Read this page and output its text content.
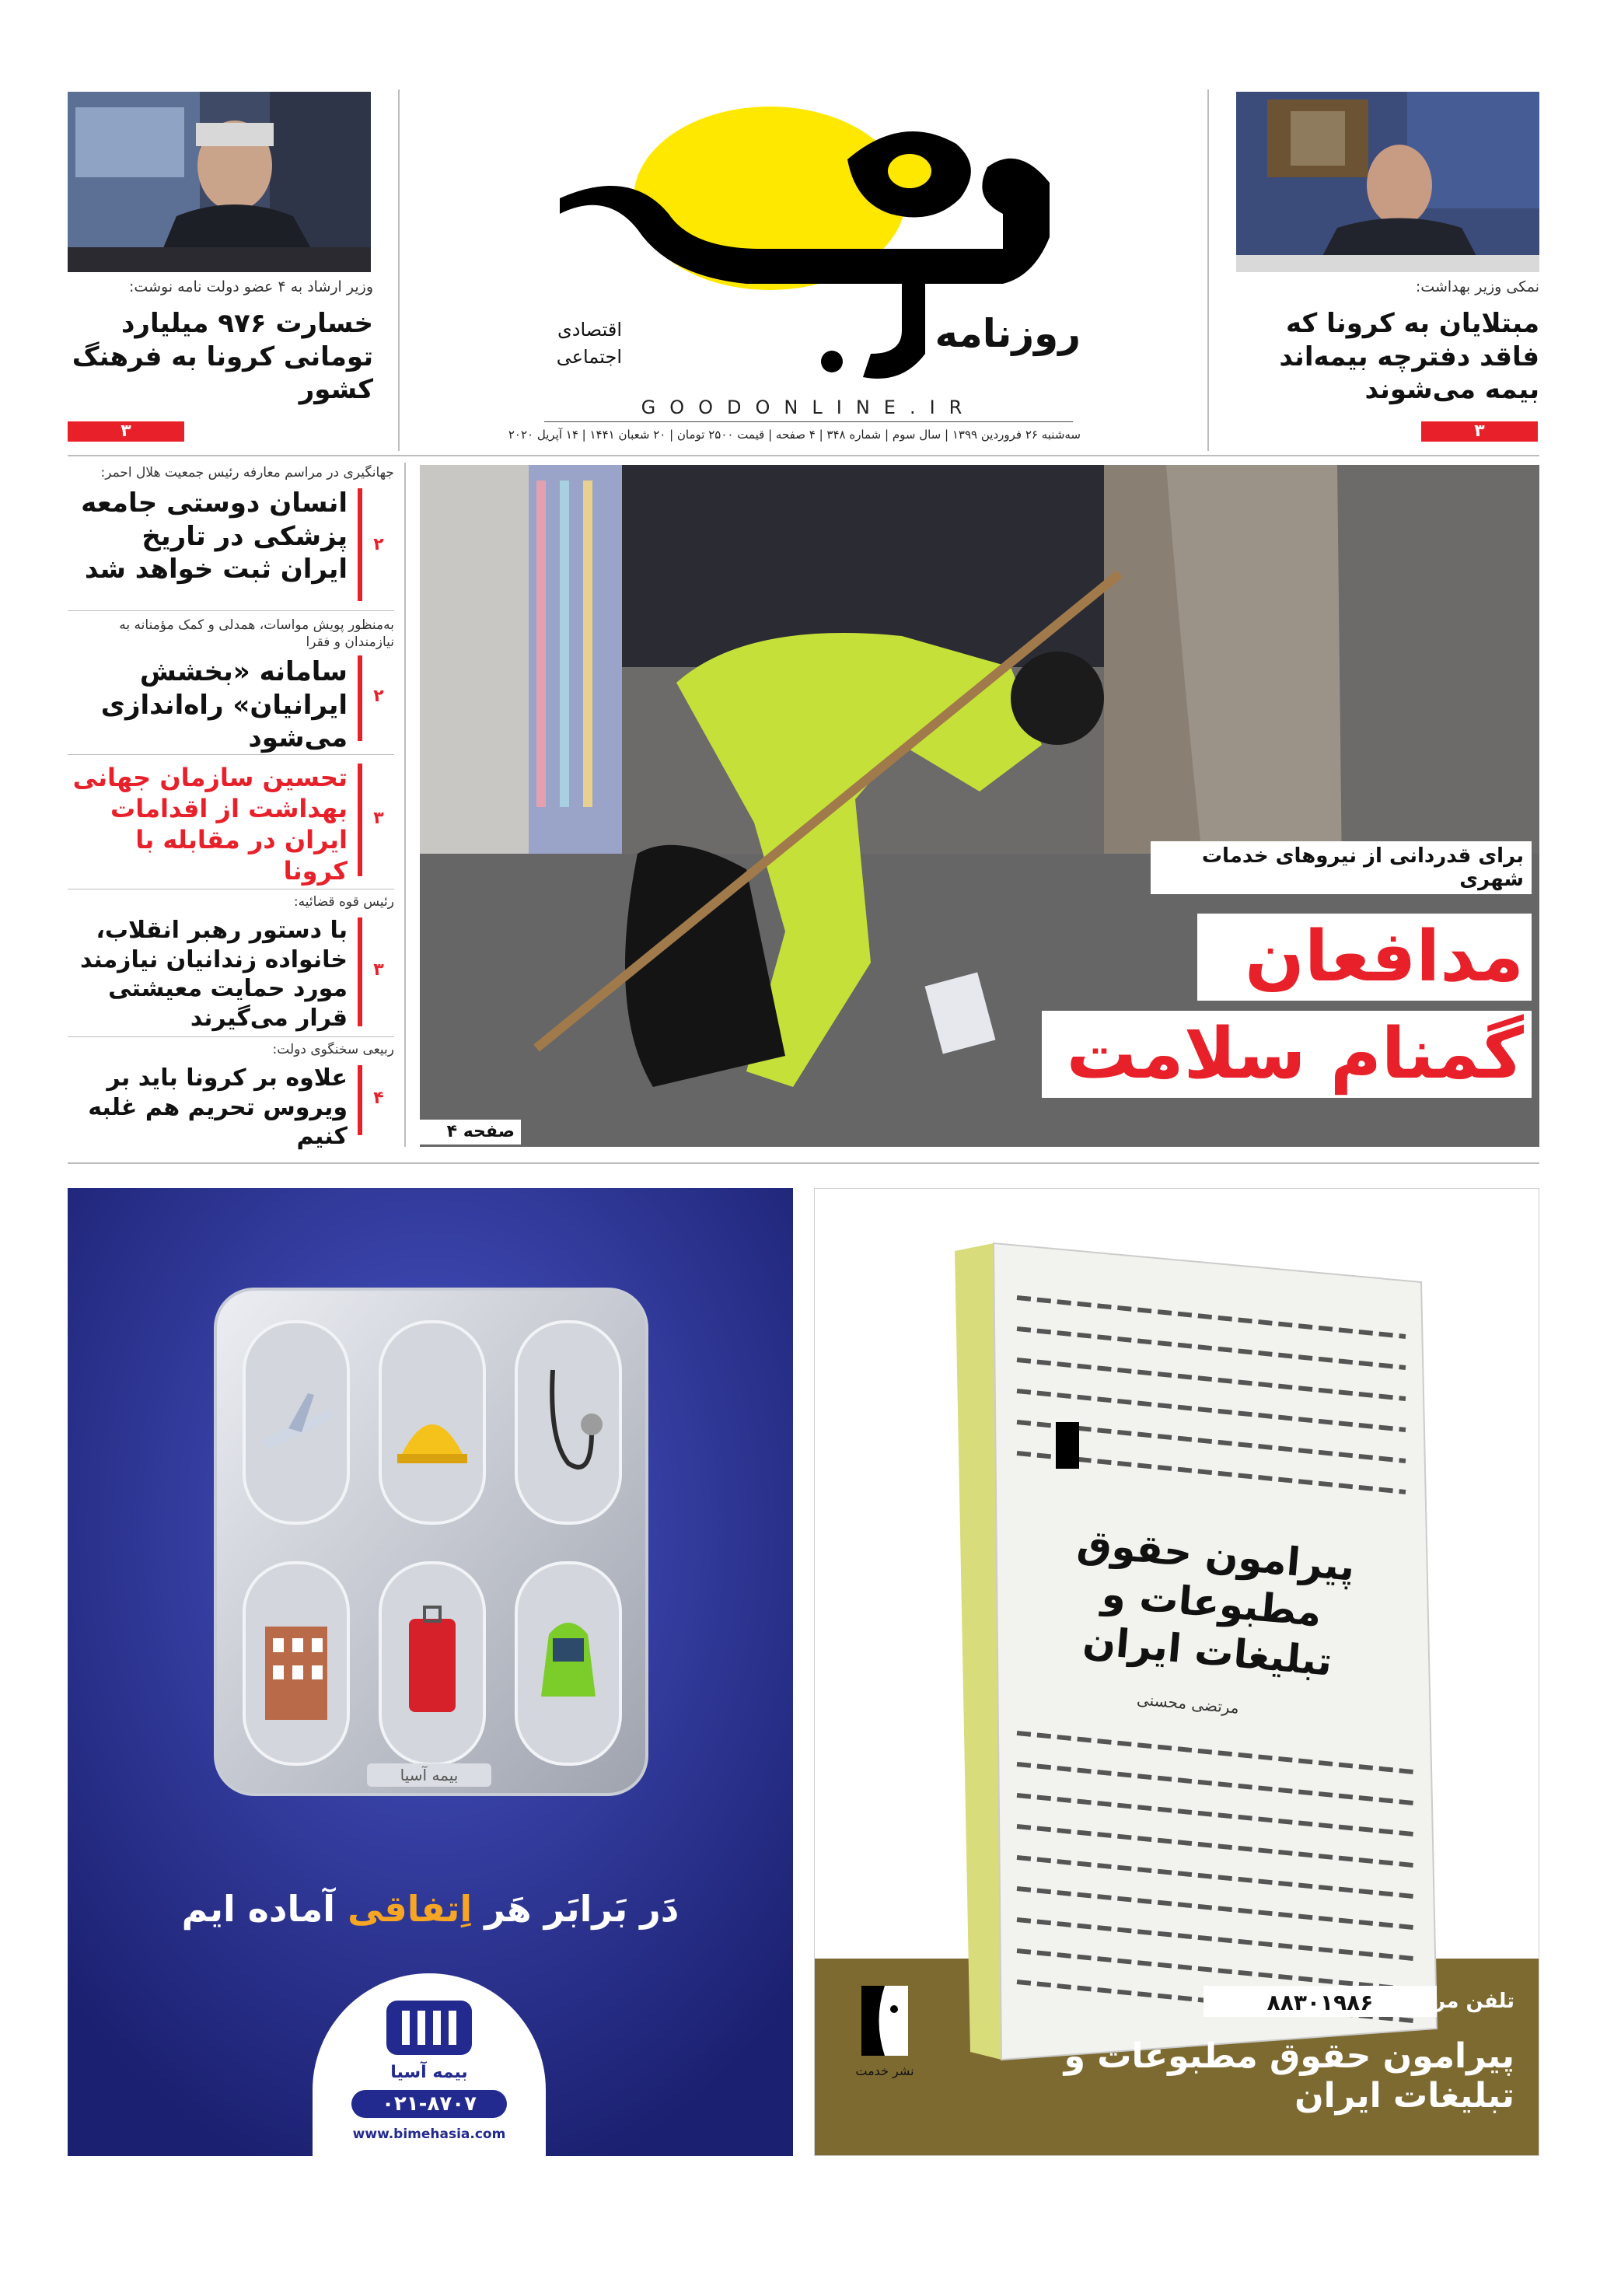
وزیر ارشاد به ۴ عضو دولت نامه نوشت:
خسارت ۹۷۶ میلیارد تومانی کرونا به فرهنگ کشور
۳
نمکی وزیر بهداشت:
مبتلایان به کرونا که فاقد دفترچه بیمه‌اند بیمه می‌شوند
۳
روزنامه
اقتصادی
اجتماعی
GOODONLINE.IR
سه‌شنبه ۲۶ فروردین ۱۳۹۹ | سال سوم | شماره ۳۴۸ | ۴ صفحه | قیمت ۲۵۰۰ تومان | ۲۰ شعبان ۱۴۴۱ | ۱۴ آپریل ۲۰۲۰
جهانگیری در مراسم معارفه رئیس جمعیت هلال احمر:
انسان دوستی جامعه پزشکی در تاریخ ایران ثبت خواهد شد
۲
به‌منظور پویش مواسات، همدلی و کمک مؤمنانه به نیازمندان و فقرا
سامانه «بخشش ایرانیان» راه‌اندازی می‌شود
۲
تحسین سازمان جهانی بهداشت از اقدامات ایران در مقابله با کرونا
۳
رئیس قوه قضائیه:
با دستور رهبر انقلاب، خانواده زندانیان نیازمند مورد حمایت معیشتی قرار می‌گیرند
۳
ربیعی سخنگوی دولت:
علاوه بر کرونا باید بر ویروس تحریم هم غلبه کنیم
۴
برای قدردانی از نیروهای خدمات شهری
مدافعان
گمنام سلامت
صفحه ۴
بیمه آسیا
دَر بَرابَر هَر اِتفاقی آماده ایم
بیمه آسیا
۰۲۱-۸۷۰۷
www.bimehasia.com
پیرامون حقوق مطبوعات و تبلیغات ایران
مرتضی محسنی
نشر خدمت
تلفن مرکز پخش:
۸۸۳۰۱۹۸۶
پیرامون حقوق مطبوعات و تبلیغات ایران
